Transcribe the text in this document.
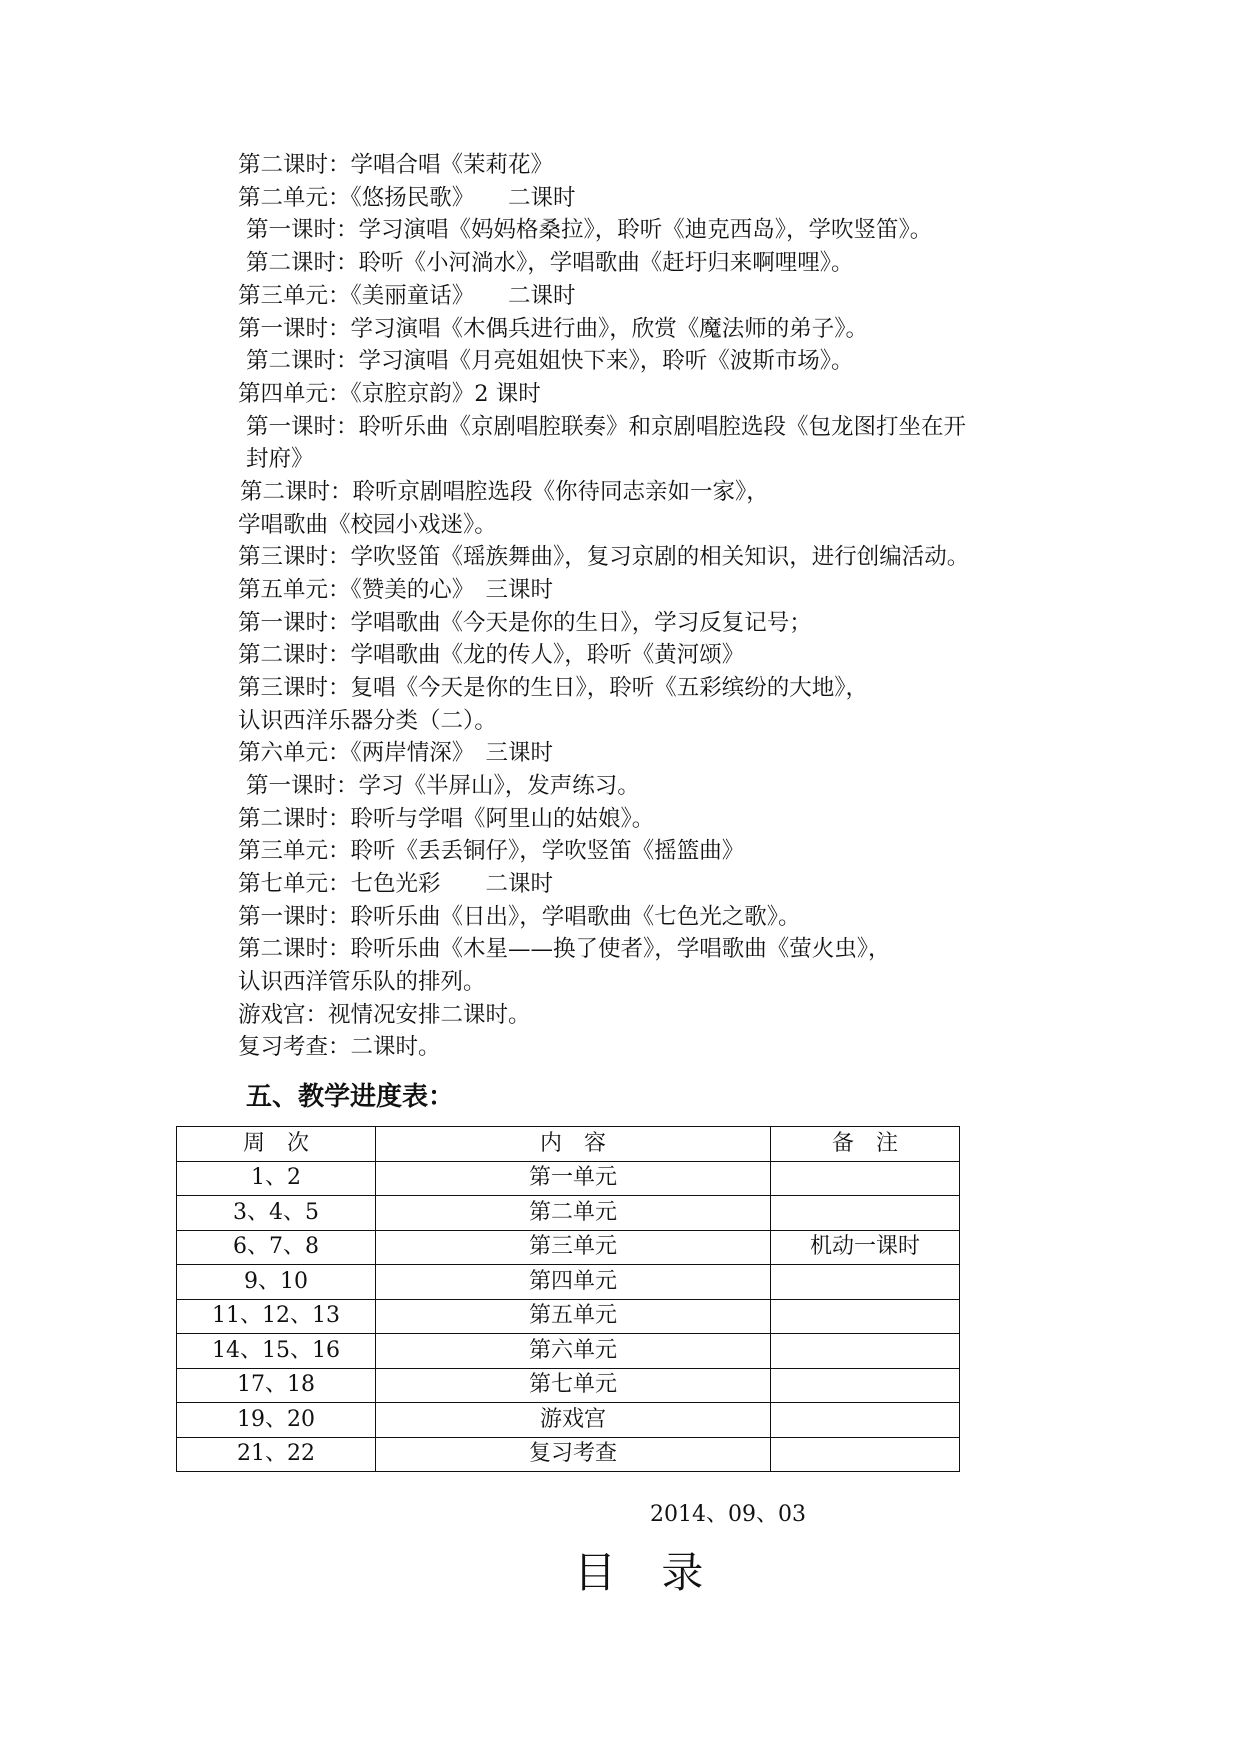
第二课时：学唱合唱《茉莉花》
第二单元：《悠扬民歌》　　二课时
第一课时：学习演唱《妈妈格桑拉》，聆听《迪克西岛》，学吹竖笛》。
第二课时：聆听《小河淌水》，学唱歌曲《赶圩归来啊哩哩》。
第三单元：《美丽童话》　　二课时
第一课时：学习演唱《木偶兵进行曲》，欣赏《魔法师的弟子》。
第二课时：学习演唱《月亮姐姐快下来》，聆听《波斯市场》。
第四单元：《京腔京韵》2 课时
第一课时：聆听乐曲《京剧唱腔联奏》和京剧唱腔选段《包龙图打坐在开
封府》
第二课时：聆听京剧唱腔选段《你待同志亲如一家》，
学唱歌曲《校园小戏迷》。
第三课时：学吹竖笛《瑶族舞曲》，复习京剧的相关知识，进行创编活动。
第五单元：《赞美的心》　三课时
第一课时：学唱歌曲《今天是你的生日》，学习反复记号；
第二课时：学唱歌曲《龙的传人》，聆听《黄河颂》
第三课时：复唱《今天是你的生日》，聆听《五彩缤纷的大地》，
认识西洋乐器分类（二）。
第六单元：《两岸情深》　三课时
第一课时：学习《半屏山》，发声练习。
第二课时：聆听与学唱《阿里山的姑娘》。
第三单元：聆听《丢丢铜仔》，学吹竖笛《摇篮曲》
第七单元：七色光彩　　二课时
第一课时：聆听乐曲《日出》，学唱歌曲《七色光之歌》。
第二课时：聆听乐曲《木星——换了使者》，学唱歌曲《萤火虫》，
认识西洋管乐队的排列。
游戏宫：视情况安排二课时。
复习考查：二课时。
五、教学进度表：
周　次	内　容	备　注
1、2	第一单元	
3、4、5	第二单元	
6、7、8	第三单元	机动一课时
9、10	第四单元	
11、12、13	第五单元	
14、15、16	第六单元	
17、18	第七单元	
19、20	游戏宫	
21、22	复习考查	
2014、09、03
目 录
